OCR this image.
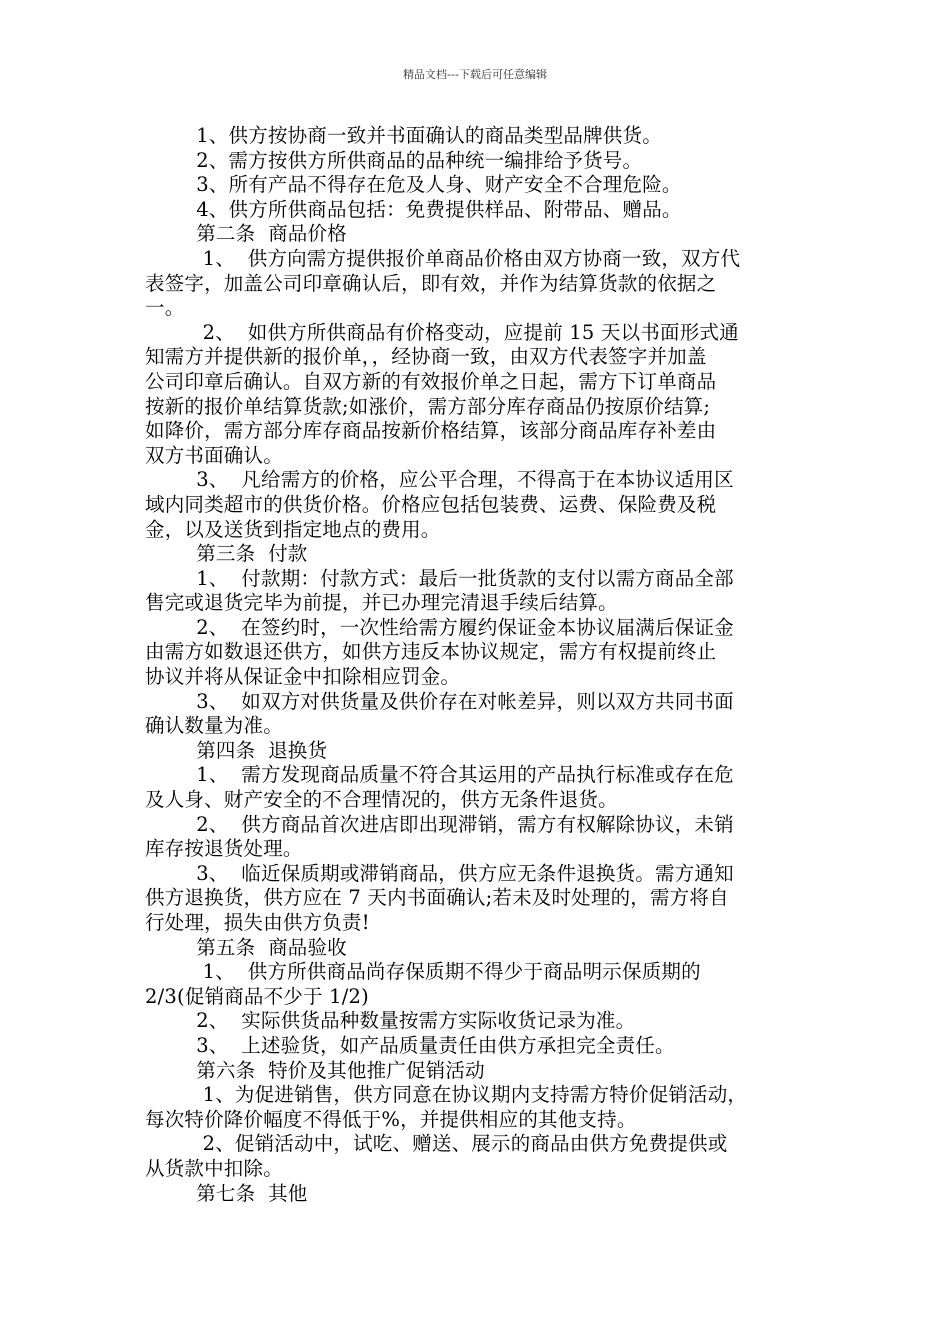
精品文档---下载后可任意编辑
1、供方按协商一致并书面确认的商品类型品牌供货。
2、需方按供方所供商品的品种统一编排给予货号。
3、所有产品不得存在危及人身、财产安全不合理危险。
4、供方所供商品包括：免费提供样品、附带品、赠品。
第二条  商品价格
1、  供方向需方提供报价单商品价格由双方协商一致，双方代
表签字，加盖公司印章确认后，即有效，并作为结算货款的依据之
一。
2、  如供方所供商品有价格变动，应提前 15 天以书面形式通
知需方并提供新的报价单，，经协商一致，由双方代表签字并加盖
公司印章后确认。自双方新的有效报价单之日起，需方下订单商品
按新的报价单结算货款;如涨价，需方部分库存商品仍按原价结算;
如降价，需方部分库存商品按新价格结算，该部分商品库存补差由
双方书面确认。
3、  凡给需方的价格，应公平合理，不得高于在本协议适用区
域内同类超市的供货价格。价格应包括包装费、运费、保险费及税
金，以及送货到指定地点的费用。
第三条  付款
1、  付款期：付款方式：最后一批货款的支付以需方商品全部
售完或退货完毕为前提，并已办理完清退手续后结算。
2、  在签约时，一次性给需方履约保证金本协议届满后保证金
由需方如数退还供方，如供方违反本协议规定，需方有权提前终止
协议并将从保证金中扣除相应罚金。
3、  如双方对供货量及供价存在对帐差异，则以双方共同书面
确认数量为准。
第四条  退换货
1、  需方发现商品质量不符合其运用的产品执行标准或存在危
及人身、财产安全的不合理情况的，供方无条件退货。
2、  供方商品首次进店即出现滞销，需方有权解除协议，未销
库存按退货处理。
3、  临近保质期或滞销商品，供方应无条件退换货。需方通知
供方退换货，供方应在 7 天内书面确认;若未及时处理的，需方将自
行处理，损失由供方负责!
第五条  商品验收
1、  供方所供商品尚存保质期不得少于商品明示保质期的
2/3(促销商品不少于 1/2)
2、  实际供货品种数量按需方实际收货记录为准。
3、  上述验货，如产品质量责任由供方承担完全责任。
第六条  特价及其他推广促销活动
1、为促进销售，供方同意在协议期内支持需方特价促销活动，
每次特价降价幅度不得低于%，并提供相应的其他支持。
2、促销活动中，试吃、赠送、展示的商品由供方免费提供或
从货款中扣除。
第七条  其他
